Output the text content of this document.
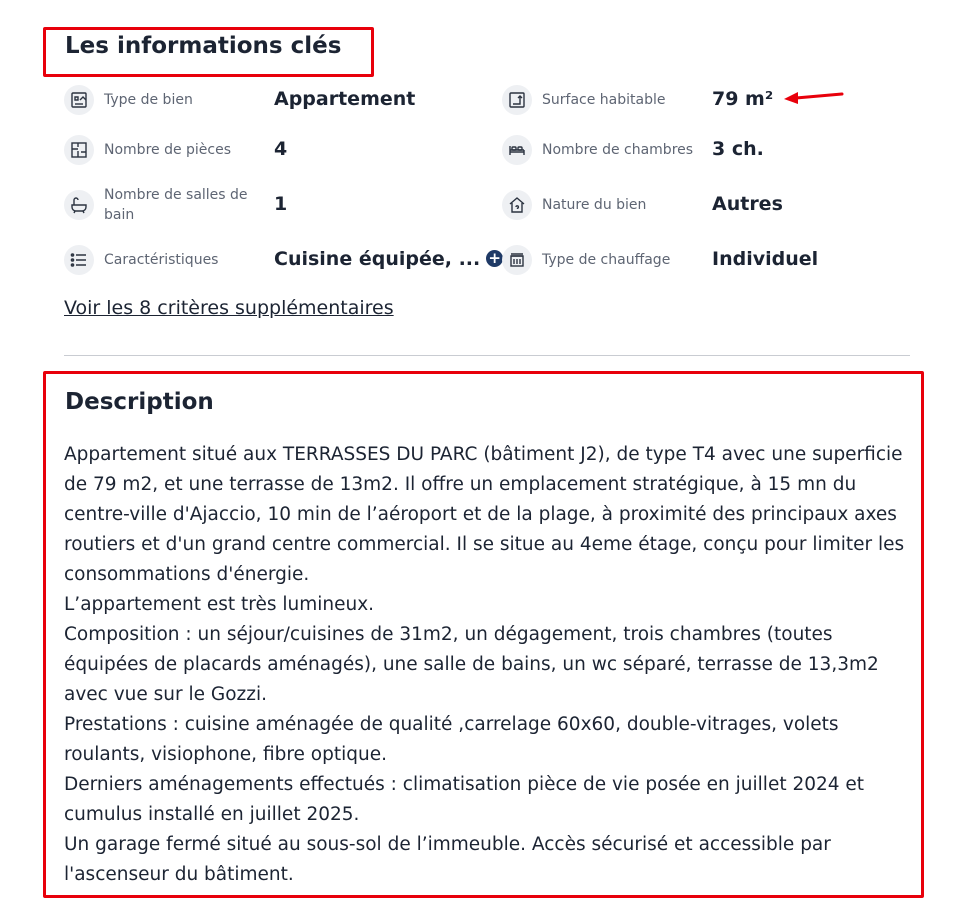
Les informations clés
Type de bien	Appartement	Surface habitable 79 m²
Nombre de pièces 4	Nombre de chambres 3 ch.
Nombre de salles de bain	1	Nature du bien	Autres
Caractéristiques	Cuisine équipée, ... +	Type de chauffage Individuel
Voir les 8 critères supplémentaires
Description

Appartement situé aux TERRASSES DU PARC (bâtiment J2), de type T4 avec une superficie de 79 m2, et une terrasse de 13m2. Il offre un emplacement stratégique, à 15 mn du centre-ville d'Ajaccio, 10 min de l’aéroport et de la plage, à proximité des principaux axes routiers et d'un grand centre commercial. Il se situe au 4eme étage, conçu pour limiter les consommations d'énergie.

L’appartement est très lumineux.

Composition : un séjour/cuisines de 31m2, un dégagement, trois chambres (toutes équipées de placards aménagés), une salle de bains, un wc séparé, terrasse de 13,3m2 avec vue sur le Gozzi.

Prestations : cuisine aménagée de qualité ,carrelage 60x60, double-vitrages, volets roulants, visiophone, fibre optique.

Derniers aménagements effectués : climatisation pièce de vie posée en juillet 2024 et cumulus installé en juillet 2025.

Un garage fermé situé au sous-sol de l’immeuble. Accès sécurisé et accessible par l'ascenseur du bâtiment.
